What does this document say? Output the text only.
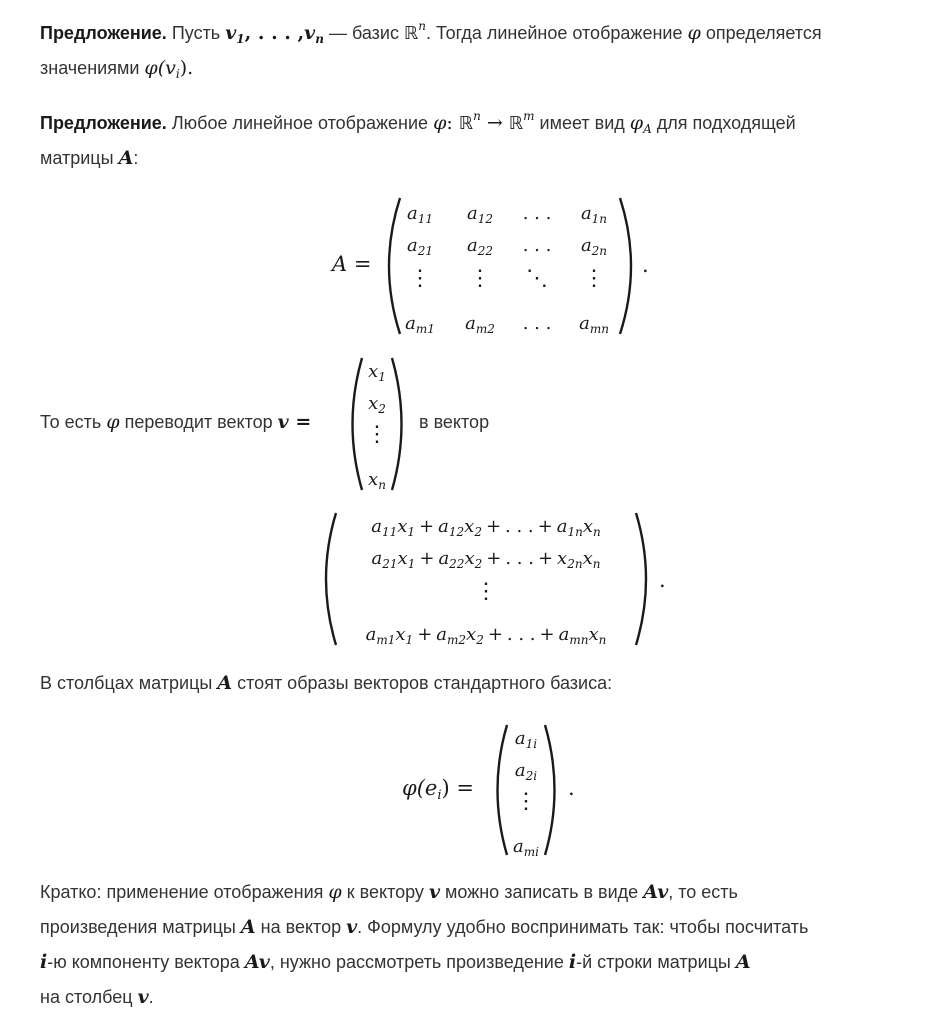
Предложение. Пусть $v_1$, . . . $,v_n$ — базис ℝ$^n$. Тогда линейное отображение φ определяется
значениями $\varphi(v_i)$.

Предложение. Любое линейное отображение φ: ℝ$^n$ → ℝ$^m$ имеет вид $\varphi_A$ для подходящей
матрицы A:

A =
$a_{11}$	$a_{12}$	. . .	$a_{1n}$
$a_{21}$	$a_{22}$	. . .	$a_{2n}$
⋮	⋮	⋱	⋮
$a_{m1}$	$a_{m2}$	. . .	$a_{mn}$
.

То есть φ переводит вектор v =

$x_1$
$x_2$
⋮
$x_n$

в вектор

$a_{11}x_1 + a_{12}x_2$ + . . . + $a_{1n}x_n$
$a_{21}x_1 + a_{22}x_2$ + . . . + $x_{2n}x_n$
⋮
$a_{m1}x_1 + a_{m2}x_2$ + . . . + $a_{mn}x_n$
.

В столбцах матрицы A стоят образы векторов стандартного базиса:

$\varphi(e_i)$ =
$a_{1i}$
$a_{2i}$
⋮
$a_{mi}$
.

Кратко: применение отображения φ к вектору v можно записать в виде Av, то есть
произведения матрицы A на вектор v. Формулу удобно воспринимать так: чтобы посчитать
i-ю компоненту вектора Av, нужно рассмотреть произведение i-й строки матрицы A
на столбец v.
